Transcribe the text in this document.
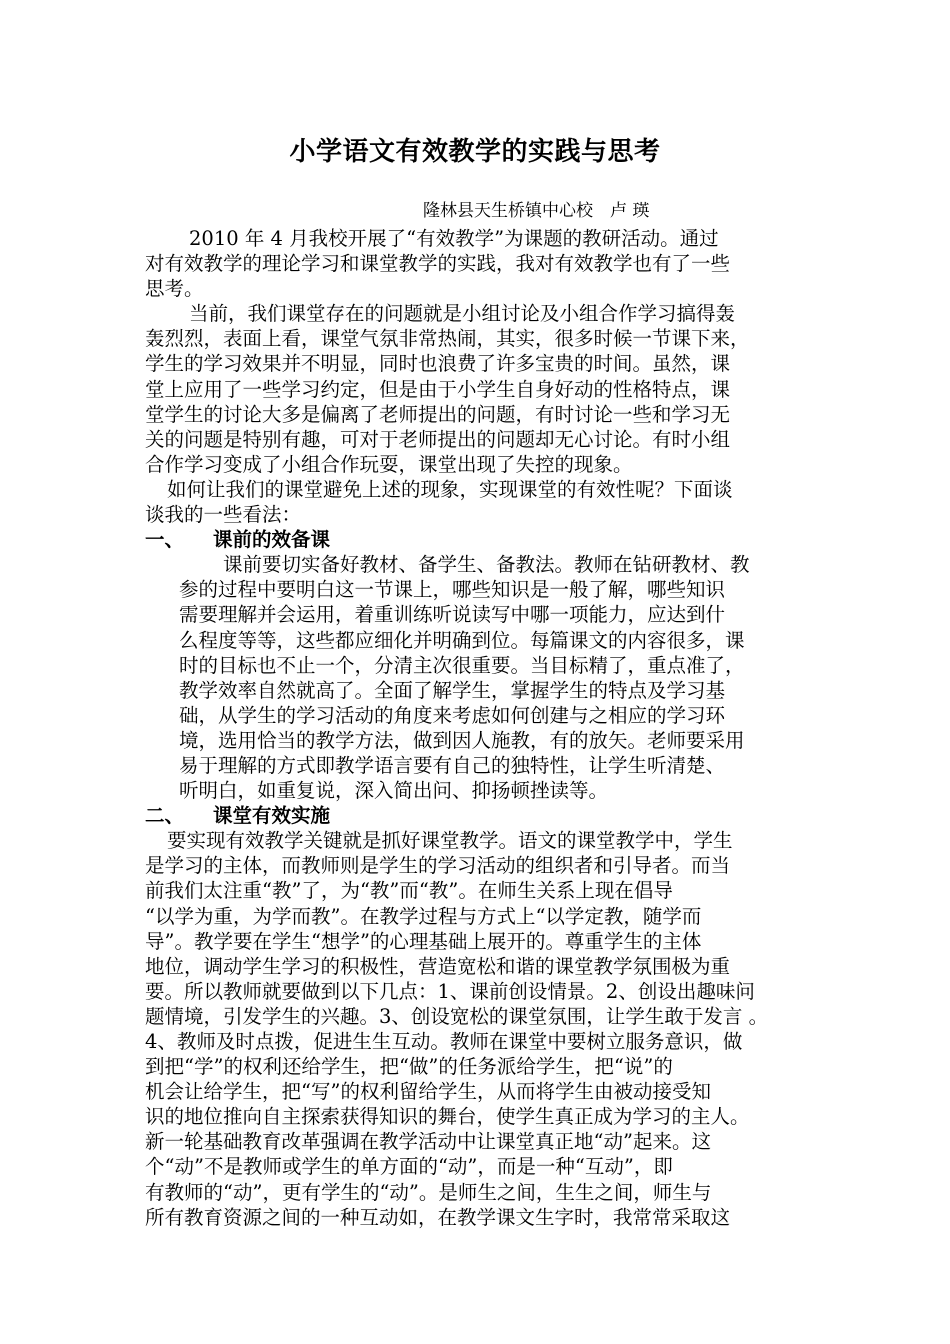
小学语文有效教学的实践与思考
隆林县天生桥镇中心校　卢 瑛
2010 年 4 月我校开展了“有效教学”为课题的教研活动。通过
对有效教学的理论学习和课堂教学的实践，我对有效教学也有了一些
思考。
当前，我们课堂存在的问题就是小组讨论及小组合作学习搞得轰
轰烈烈，表面上看，课堂气氛非常热闹，其实，很多时候一节课下来，
学生的学习效果并不明显，同时也浪费了许多宝贵的时间。虽然，课
堂上应用了一些学习约定，但是由于小学生自身好动的性格特点，课
堂学生的讨论大多是偏离了老师提出的问题，有时讨论一些和学习无
关的问题是特别有趣，可对于老师提出的问题却无心讨论。有时小组
合作学习变成了小组合作玩耍，课堂出现了失控的现象。
如何让我们的课堂避免上述的现象，实现课堂的有效性呢？下面谈
谈我的一些看法：
一、 课前的效备课
课前要切实备好教材、备学生、备教法。教师在钻研教材、教
参的过程中要明白这一节课上，哪些知识是一般了解，哪些知识
需要理解并会运用，着重训练听说读写中哪一项能力，应达到什
么程度等等，这些都应细化并明确到位。每篇课文的内容很多，课
时的目标也不止一个，分清主次很重要。当目标精了，重点准了，
教学效率自然就高了。全面了解学生，掌握学生的特点及学习基
础，从学生的学习活动的角度来考虑如何创建与之相应的学习环
境，选用恰当的教学方法，做到因人施教，有的放矢。老师要采用
易于理解的方式即教学语言要有自己的独特性，让学生听清楚、
听明白，如重复说，深入简出问、抑扬顿挫读等。
二、 课堂有效实施
要实现有效教学关键就是抓好课堂教学。语文的课堂教学中，学生
是学习的主体，而教师则是学生的学习活动的组织者和引导者。而当
前我们太注重“教”了，为“教”而“教”。在师生关系上现在倡导
“以学为重，为学而教”。在教学过程与方式上“以学定教，随学而
导”。教学要在学生“想学”的心理基础上展开的。尊重学生的主体
地位，调动学生学习的积极性，营造宽松和谐的课堂教学氛围极为重
要。所以教师就要做到以下几点：1、课前创设情景。2、创设出趣味问
题情境，引发学生的兴趣。3、创设宽松的课堂氛围，让学生敢于发言 。
4、教师及时点拨，促进生生互动。教师在课堂中要树立服务意识，做
到把“学”的权利还给学生，把“做”的任务派给学生，把“说”的
机会让给学生，把“写”的权利留给学生，从而将学生由被动接受知
识的地位推向自主探索获得知识的舞台，使学生真正成为学习的主人。
新一轮基础教育改革强调在教学活动中让课堂真正地“动”起来。这
个“动”不是教师或学生的单方面的“动”，而是一种“互动”，即
有教师的“动”，更有学生的“动”。是师生之间，生生之间，师生与
所有教育资源之间的一种互动如，在教学课文生字时，我常常采取这
